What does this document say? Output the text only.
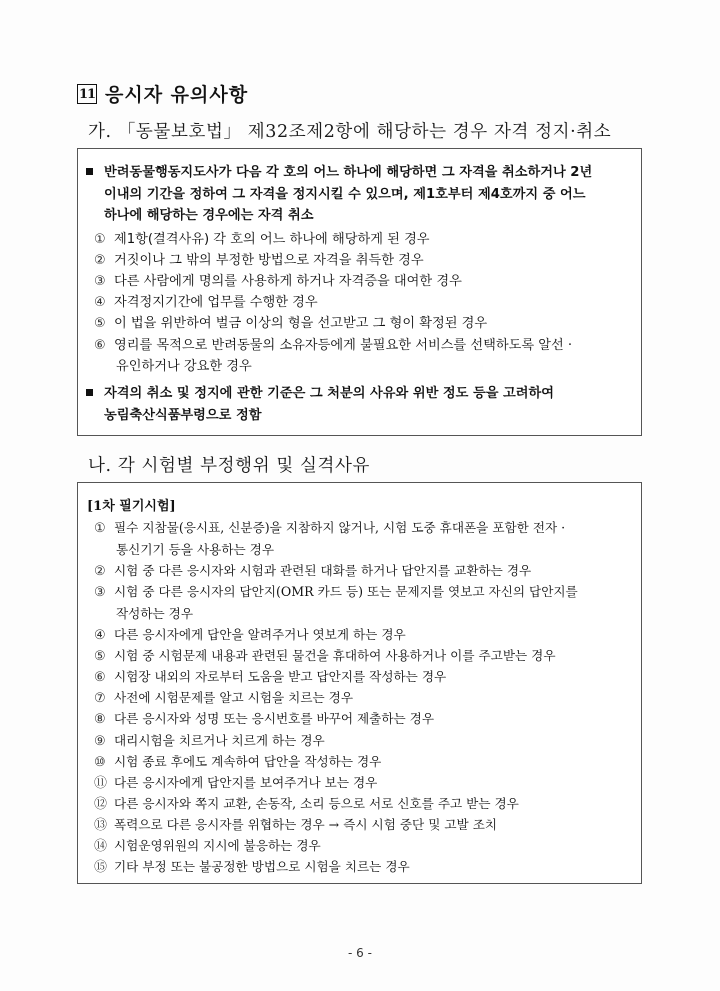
11 응시자 유의사항
가. 「동물보호법」 제32조제2항에 해당하는 경우 자격 정지·취소
반려동물행동지도사가 다음 각 호의 어느 하나에 해당하면 그 자격을 취소하거나 2년
이내의 기간을 정하여 그 자격을 정지시킬 수 있으며, 제1호부터 제4호까지 중 어느
하나에 해당하는 경우에는 자격 취소
① 제1항(결격사유) 각 호의 어느 하나에 해당하게 된 경우
② 거짓이나 그 밖의 부정한 방법으로 자격을 취득한 경우
③ 다른 사람에게 명의를 사용하게 하거나 자격증을 대여한 경우
④ 자격정지기간에 업무를 수행한 경우
⑤ 이 법을 위반하여 벌금 이상의 형을 선고받고 그 형이 확정된 경우
⑥ 영리를 목적으로 반려동물의 소유자등에게 불필요한 서비스를 선택하도록 알선 ·
유인하거나 강요한 경우
자격의 취소 및 정지에 관한 기준은 그 처분의 사유와 위반 정도 등을 고려하여
농림축산식품부령으로 정함
나. 각 시험별 부정행위 및 실격사유
[1차 필기시험]
① 필수 지참물(응시표, 신분증)을 지참하지 않거나, 시험 도중 휴대폰을 포함한 전자 ·
통신기기 등을 사용하는 경우
② 시험 중 다른 응시자와 시험과 관련된 대화를 하거나 답안지를 교환하는 경우
③ 시험 중 다른 응시자의 답안지(OMR 카드 등) 또는 문제지를 엿보고 자신의 답안지를
작성하는 경우
④ 다른 응시자에게 답안을 알려주거나 엿보게 하는 경우
⑤ 시험 중 시험문제 내용과 관련된 물건을 휴대하여 사용하거나 이를 주고받는 경우
⑥ 시험장 내외의 자로부터 도움을 받고 답안지를 작성하는 경우
⑦ 사전에 시험문제를 알고 시험을 치르는 경우
⑧ 다른 응시자와 성명 또는 응시번호를 바꾸어 제출하는 경우
⑨ 대리시험을 치르거나 치르게 하는 경우
⑩ 시험 종료 후에도 계속하여 답안을 작성하는 경우
⑪ 다른 응시자에게 답안지를 보여주거나 보는 경우
⑫ 다른 응시자와 쪽지 교환, 손동작, 소리 등으로 서로 신호를 주고 받는 경우
⑬ 폭력으로 다른 응시자를 위협하는 경우 → 즉시 시험 중단 및 고발 조치
⑭ 시험운영위원의 지시에 불응하는 경우
⑮ 기타 부정 또는 불공정한 방법으로 시험을 치르는 경우
- 6 -
